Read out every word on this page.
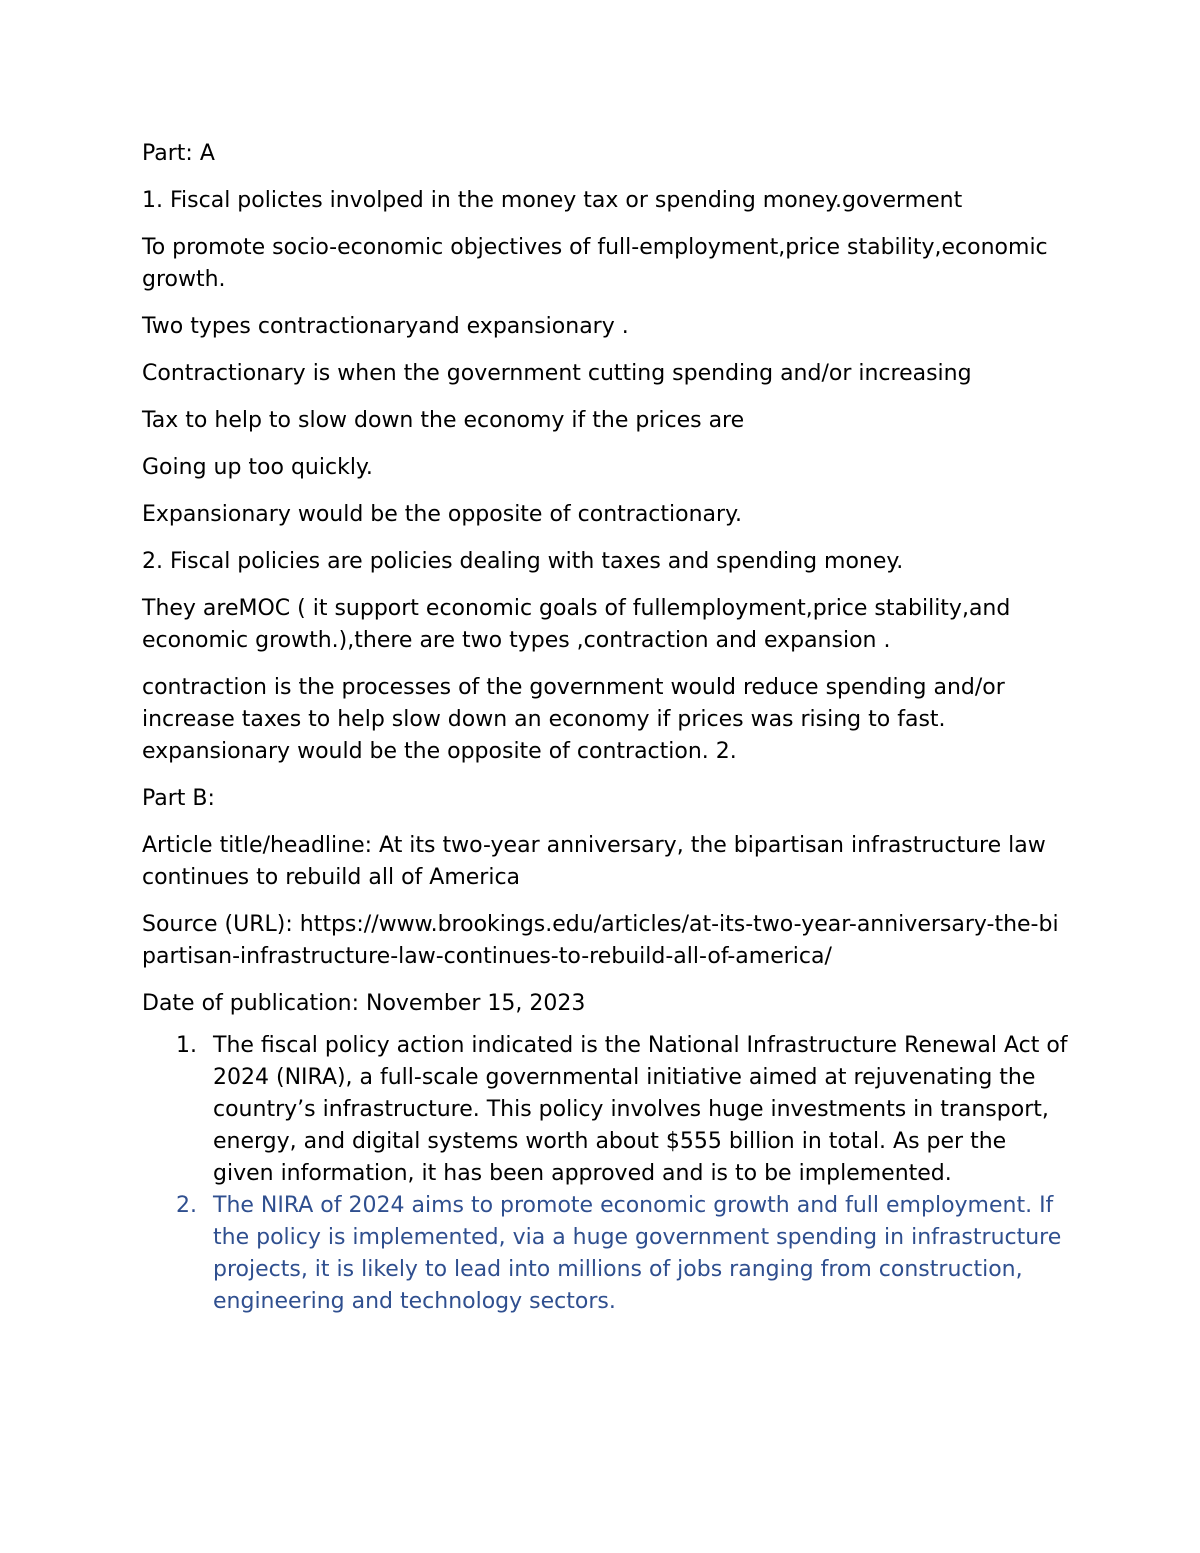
Part: A

1. Fiscal polictes involped in the money tax or spending money.goverment

To promote socio-economic objectives of full-employment,price stability,economic growth.

Two types contractionaryand expansionary .

Contractionary is when the government cutting spending and/or increasing

Tax to help to slow down the economy if the prices are

Going up too quickly.

Expansionary would be the opposite of contractionary.

2. Fiscal policies are policies dealing with taxes and spending money.

They areMOC ( it support economic goals of fullemployment,price stability,and economic growth.),there are two types ,contraction and expansion .

contraction is the processes of the government would reduce spending and/or increase taxes to help slow down an economy if prices was rising to fast. expansionary would be the opposite of contraction. 2.

Part B:

Article title/headline: At its two-year anniversary, the bipartisan infrastructure law continues to rebuild all of America

Source (URL): https://www.brookings.edu/articles/at-its-two-year-anniversary-the-bipartisan-infrastructure-law-continues-to-rebuild-all-of-america/

Date of publication: November 15, 2023

1. The fiscal policy action indicated is the National Infrastructure Renewal Act of 2024 (NIRA), a full-scale governmental initiative aimed at rejuvenating the country’s infrastructure. This policy involves huge investments in transport, energy, and digital systems worth about $555 billion in total. As per the given information, it has been approved and is to be implemented.
2. The NIRA of 2024 aims to promote economic growth and full employment. If the policy is implemented, via a huge government spending in infrastructure projects, it is likely to lead into millions of jobs ranging from construction, engineering and technology sectors.
